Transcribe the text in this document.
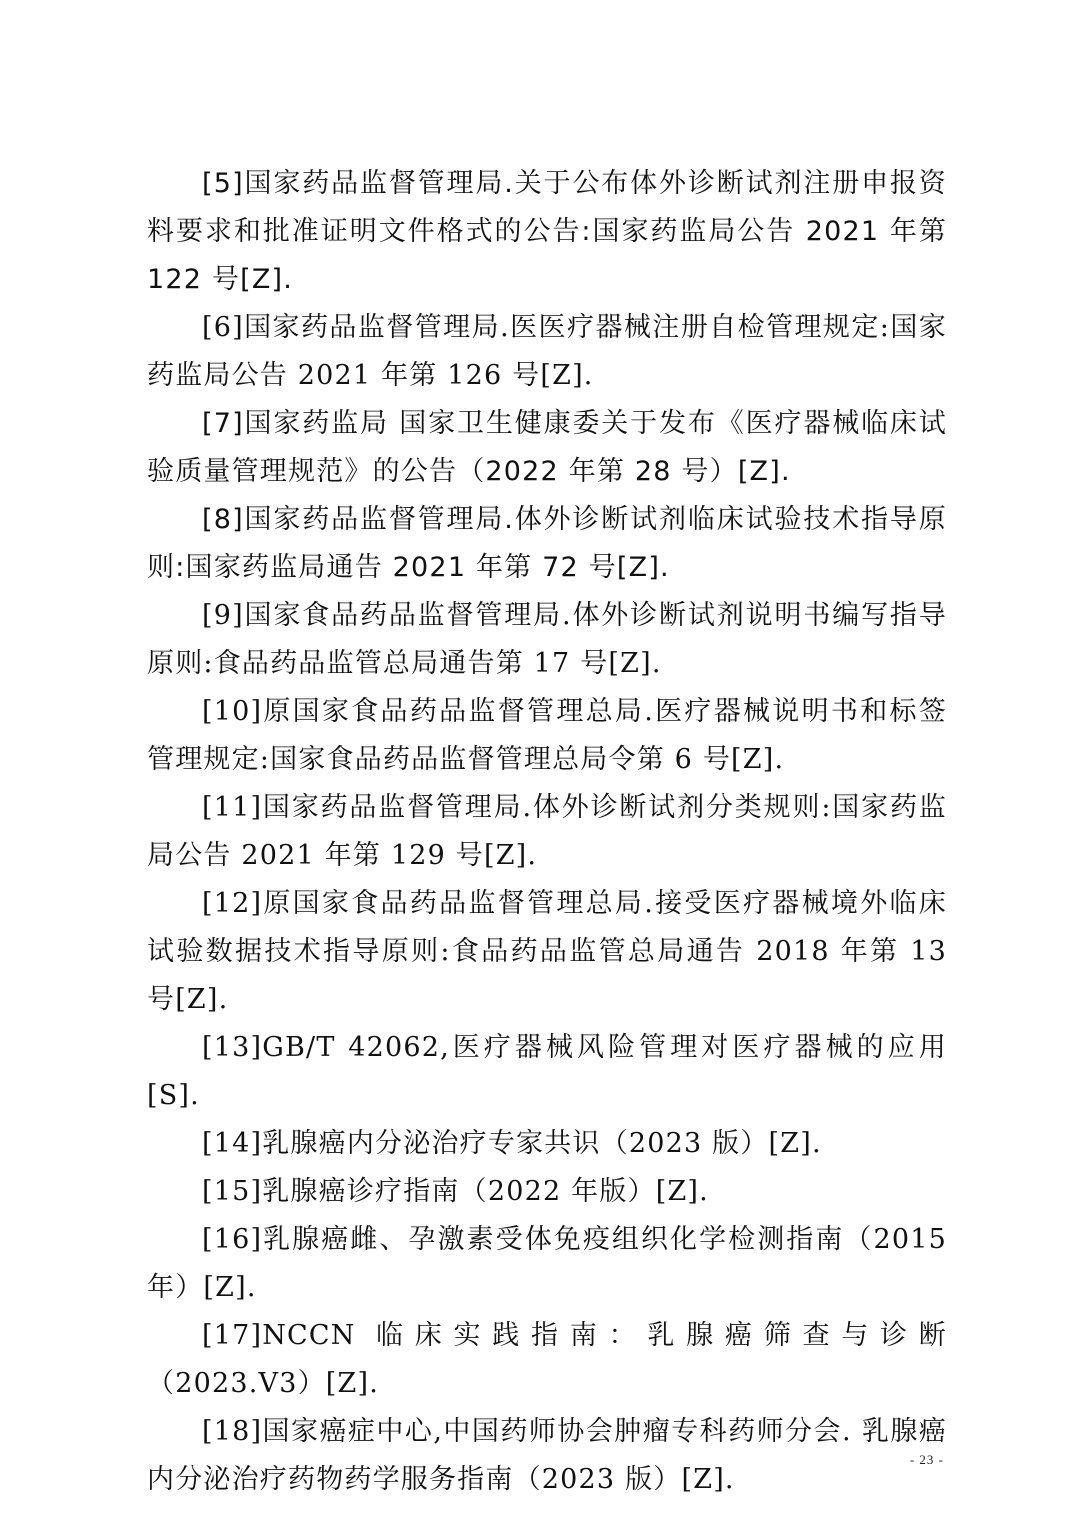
[5]国家药品监督管理局.关于公布体外诊断试剂注册申报资料要求和批准证明文件格式的公告:国家药监局公告 2021 年第 122 号[Z].

[6]国家药品监督管理局.医医疗器械注册自检管理规定:国家药监局公告 2021 年第 126 号[Z].

[7]国家药监局 国家卫生健康委关于发布《医疗器械临床试验质量管理规范》的公告（2022 年第 28 号）[Z].

[8]国家药品监督管理局.体外诊断试剂临床试验技术指导原则:国家药监局通告 2021 年第 72 号[Z].

[9]国家食品药品监督管理局.体外诊断试剂说明书编写指导原则:食品药品监管总局通告第 17 号[Z].

[10]原国家食品药品监督管理总局.医疗器械说明书和标签管理规定:国家食品药品监督管理总局令第 6 号[Z].

[11]国家药品监督管理局.体外诊断试剂分类规则:国家药监局公告 2021 年第 129 号[Z].

[12]原国家食品药品监督管理总局.接受医疗器械境外临床试验数据技术指导原则:食品药品监管总局通告 2018 年第 13 号[Z].

[13]GB/T 42062,医疗器械风险管理对医疗器械的应用[S].

[14]乳腺癌内分泌治疗专家共识（2023 版）[Z].

[15]乳腺癌诊疗指南（2022 年版）[Z].

[16]乳腺癌雌、孕激素受体免疫组织化学检测指南（2015 年）[Z].

[17]NCCN 临床实践指南：乳腺癌筛查与诊断（2023.V3）[Z].

[18]国家癌症中心,中国药师协会肿瘤专科药师分会. 乳腺癌内分泌治疗药物药学服务指南（2023 版）[Z].

- 23 -
